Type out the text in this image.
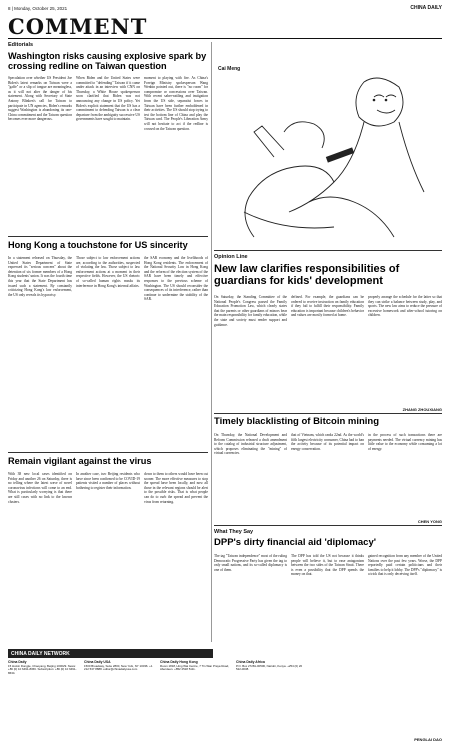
8 | Monday, October 25, 2021	CHINA DAILY
COMMENT
Editorials
Washington risks causing explosive spark by crossing redline on Taiwan question
Speculation over whether US President Joe Biden's latest remarks on Taiwan were a "gaffe" or a slip of tongue are meaningless, as it will not alter the danger of his statement. Along with Secretary of State Antony Blinken's call for Taiwan to participate in UN agencies, Biden's remarks suggest Washington is abandoning its one-China commitment and the Taiwan question becomes ever more dangerous.
When Biden and the United States were committed to "defending" Taiwan if it came under attack in an interview with CNN on Thursday, a White House spokesperson soon clarified that Biden was not announcing any change in US policy. Yet Biden's explicit statement that the US has a commitment to defending Taiwan is a clear departure from the ambiguity successive US governments have sought to maintain.
moment to playing with fire. As China's Foreign Ministry spokesperson Wang Wenbin pointed out, there is "no room" for compromise or concessions over Taiwan. With recent saber-rattling and instigation from the US side, separatist forces in Taiwan have been further emboldened in their activities. The US should stop trying to test the bottom line of China and play the Taiwan card. The People's Liberation Army will not hesitate to act if the redline is crossed on the Taiwan question.
Hong Kong a touchstone for US sincerity
In a statement released on Thursday, the United States Department of State expressed its "serious concern" about the detention of six former members of a Hong Kong students' union. It was the fourth time this year that the State Department has issued such a statement. By constantly criticizing Hong Kong's law enforcement, the US only reveals its hypocrisy.
Those subject to law enforcement actions are, according to the authorities, suspected of violating the law. Those subject to law enforcement actions at a moment in their respective fields. However, the US rhetoric of so-called human rights masks its interference in Hong Kong's internal affairs.
the SAR economy and the livelihoods of Hong Kong residents. The enforcement of the National Security Law in Hong Kong and the reform of the election system of the SAR have been timely and effective responses to the previous scheme of Washington. The US should reconsider the consequences of its interference, rather than continue to undermine the stability of the SAR.
Remain vigilant against the virus
With 38 new local cases identified on Friday and another 26 on Saturday, there is no telling where the latest wave of novel coronavirus infections will come to an end. What is particularly worrying is that there are still cases with no link to the known clusters.
In another case, two Beijing residents who have since been confirmed to be COVID-19 patients visited a number of places without bothering to register their information.
down to them to others would have been cut sooner. The more effective measures to stop the spread have been locally, and now all those in the relevant regions should be alert to the possible risks. That is what people can do to curb the spread and prevent the virus from returning.
Cai Meng
Opinion Line
New law clarifies responsibilities of guardians for kids' development
On Saturday, the Standing Committee of the National People's Congress passed the Family Education Promotion Law, which clearly states that the parents or other guardians of minors bear the main responsibility for family education, while the state and society must render support and guidance.
defined. For example, the guardians can be ordered to receive instruction on family education if they fail to fulfill their responsibility. Family education is important because children's behavior and values are mostly formed at home.
properly arrange the schedule for the latter so that they can strike a balance between study, play, and sports. The new law aims to reduce the pressure of excessive homework and after-school tutoring on children.
ZHANG ZHOUXIANG
Timely blacklisting of Bitcoin mining
On Thursday, the National Development and Reform Commission released a draft amendment to the catalog of industrial structure adjustment, which proposes eliminating the "mining" of virtual currencies.
that of Vietnam, which ranks 22nd. As the world's fifth largest electricity consumer, China had to ban the activity because of its potential impact on energy conservation.
in the process of such transactions there are payments needed. The virtual currency mining has little value to the economy while consuming a lot of energy.
CHEN YONG
What They Say
DPP's dirty financial aid 'diplomacy'
The tag "Taiwan independence" most of the ruling Democratic Progressive Party has given the tag to only small nations, and its so-called diplomacy is one of them.
The DPP has told the US not because it thinks people will believe it, but to ease antagonism between the two sides of the Taiwan Strait. There is even a possibility that the DPP spends the money on that.
gained recognition from any member of the United Nations over the past few years. Worse, the DPP reportedly paid certain politicians and their families to help it lobby. The DPP's "diplomacy" is a trick that is only deceiving itself.
PENGLAI DAO
CHINA DAILY NETWORK
China Daily
15 Huixin Dongjie, Chaoyang, Beijing 100029. News: +86 (0) 10 6491-8366. Subscription: +86 (0) 10 6491-8634.
China Daily USA
1500 Broadway, Suite 2800, New York, NY 10036. +1 212 537 8888. editor@chinadailyusa.com
China Daily Hong Kong
Room 1818, Hing Wai Centre, 7 Tin Wan Praya Road, Aberdeen. +852 2518 5111.
China Daily Africa
P.O. Box 27281-00506, Nairobi, Kenya. +254 (0) 20 522-0038.
